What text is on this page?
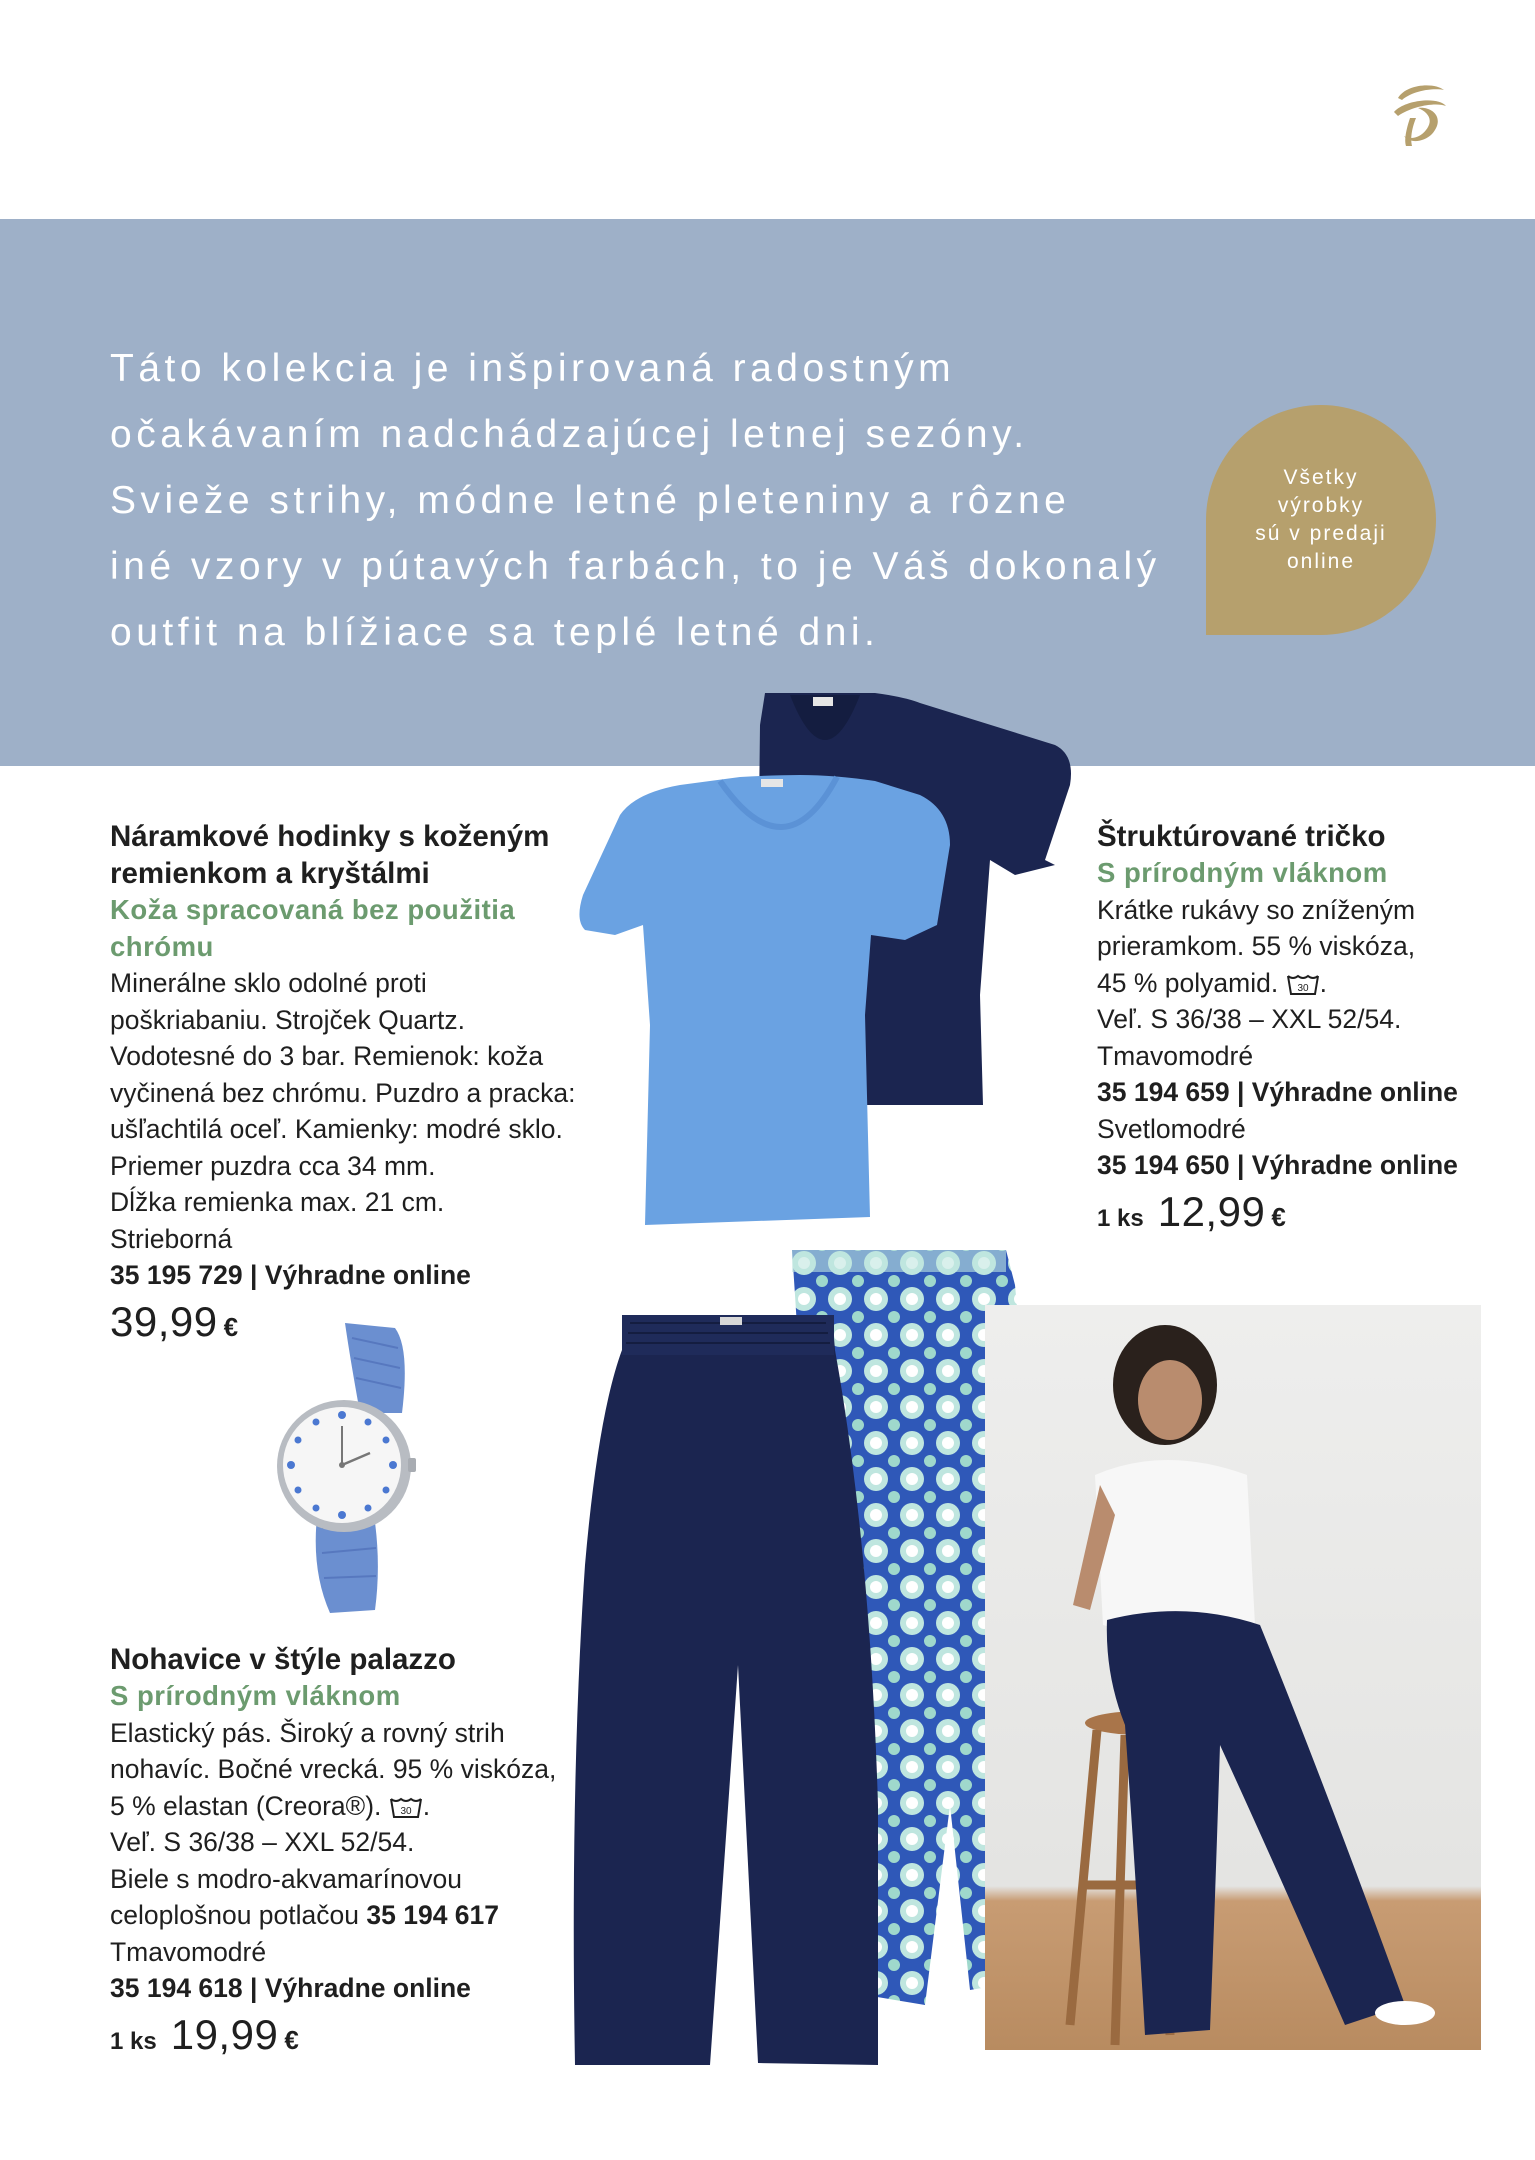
Táto kolekcia je inšpirovaná radostným
očakávaním nadchádzajúcej letnej sezóny.
Svieže strihy, módne letné pleteniny a rôzne
iné vzory v pútavých farbách, to je Váš dokonalý
outfit na blížiace sa teplé letné dni.
Všetky
výrobky
sú v predaji
online
Náramkové hodinky s koženým
remienkom a kryštálmi
Koža spracovaná bez použitia
chrómu
Minerálne sklo odolné proti
poškriabaniu. Strojček Quartz.
Vodotesné do 3 bar. Remienok: koža
vyčinená bez chrómu. Puzdro a pracka:
ušľachtilá oceľ. Kamienky: modré sklo.
Priemer puzdra cca 34 mm.
Dĺžka remienka max. 21 cm.
Strieborná
35 195 729 | Výhradne online
39,99 €
Štruktúrované tričko
S prírodným vláknom
Krátke rukávy so zníženým
prieramkom. 55 % viskóza,
45 % polyamid. 30 .
Veľ. S 36/38 – XXL 52/54.
Tmavomodré
35 194 659 | Výhradne online
Svetlomodré
35 194 650 | Výhradne online
1 ks 12,99 €
Nohavice v štýle palazzo
S prírodným vláknom
Elastický pás. Široký a rovný strih
nohavíc. Bočné vrecká. 95 % viskóza,
5 % elastan (Creora®). 30 .
Veľ. S 36/38 – XXL 52/54.
Biele s modro-akvamarínovou
celoplošnou potlačou 35 194 617
Tmavomodré
35 194 618 | Výhradne online
1 ks 19,99 €
